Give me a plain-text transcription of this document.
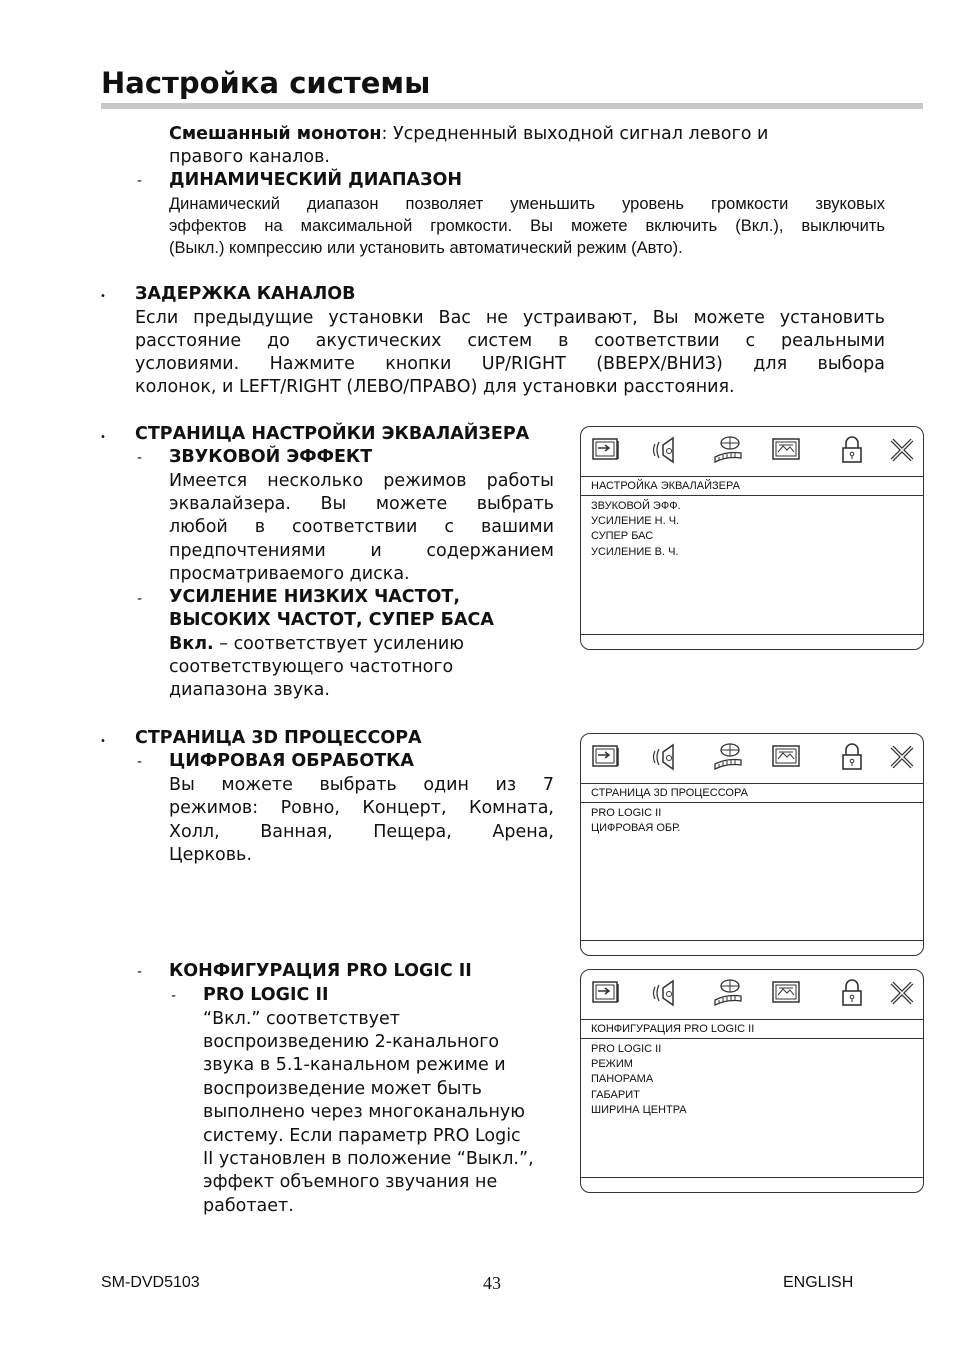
Настройка системы
Смешанный монотон: Усредненный выходной сигнал левого и
правого каналов.
- ДИНАМИЧЕСКИЙ ДИАПАЗОН
Динамический диапазон позволяет уменьшить уровень громкости звуковых
эффектов на максимальной громкости. Вы можете включить (Вкл.), выключить
(Выкл.) компрессию или установить автоматический режим (Авто).
• ЗАДЕРЖКА КАНАЛОВ
Если предыдущие установки Вас не устраивают, Вы можете установить
расстояние до акустических систем в соответствии с реальными
условиями. Нажмите кнопки UP/RIGHT (ВВЕРХ/ВНИЗ) для выбора
колонок, и LEFT/RIGHT (ЛЕВО/ПРАВО) для установки расстояния.
• СТРАНИЦА НАСТРОЙКИ ЭКВАЛАЙЗЕРА
- ЗВУКОВОЙ ЭФФЕКТ
Имеется несколько режимов работы
эквалайзера. Вы можете выбрать
любой в соответствии с вашими
предпочтениями и содержанием
просматриваемого диска.
- УСИЛЕНИЕ НИЗКИХ ЧАСТОТ,
ВЫСОКИХ ЧАСТОТ, СУПЕР БАСА
Вкл. – соответствует усилению
соответствующего частотного
диапазона звука.
• СТРАНИЦА 3D ПРОЦЕССОРА
- ЦИФРОВАЯ ОБРАБОТКА
Вы можете выбрать один из 7
режимов: Ровно, Концерт, Комната,
Холл, Ванная, Пещера, Арена,
Церковь.
- КОНФИГУРАЦИЯ PRO LOGIC II
- PRO LOGIC II
“Вкл.” соответствует
воспроизведению 2-канального
звука в 5.1-канальном режиме и
воспроизведение может быть
выполнено через многоканальную
систему. Если параметр PRO Logic
II установлен в положение “Выкл.”,
эффект объемного звучания не
работает.
НАСТРОЙКА ЭКВАЛАЙЗЕРА
ЗВУКОВОЙ ЭФФ.
УСИЛЕНИЕ Н. Ч.
СУПЕР БАС
УСИЛЕНИЕ В. Ч.
СТРАНИЦА 3D ПРОЦЕССОРА
PRO LOGIC II
ЦИФРОВАЯ ОБР.
КОНФИГУРАЦИЯ PRO LOGIC II
PRO LOGIC II
РЕЖИМ
ПАНОРАМА
ГАБАРИТ
ШИРИНА ЦЕНТРА
SM-DVD5103	43	ENGLISH
